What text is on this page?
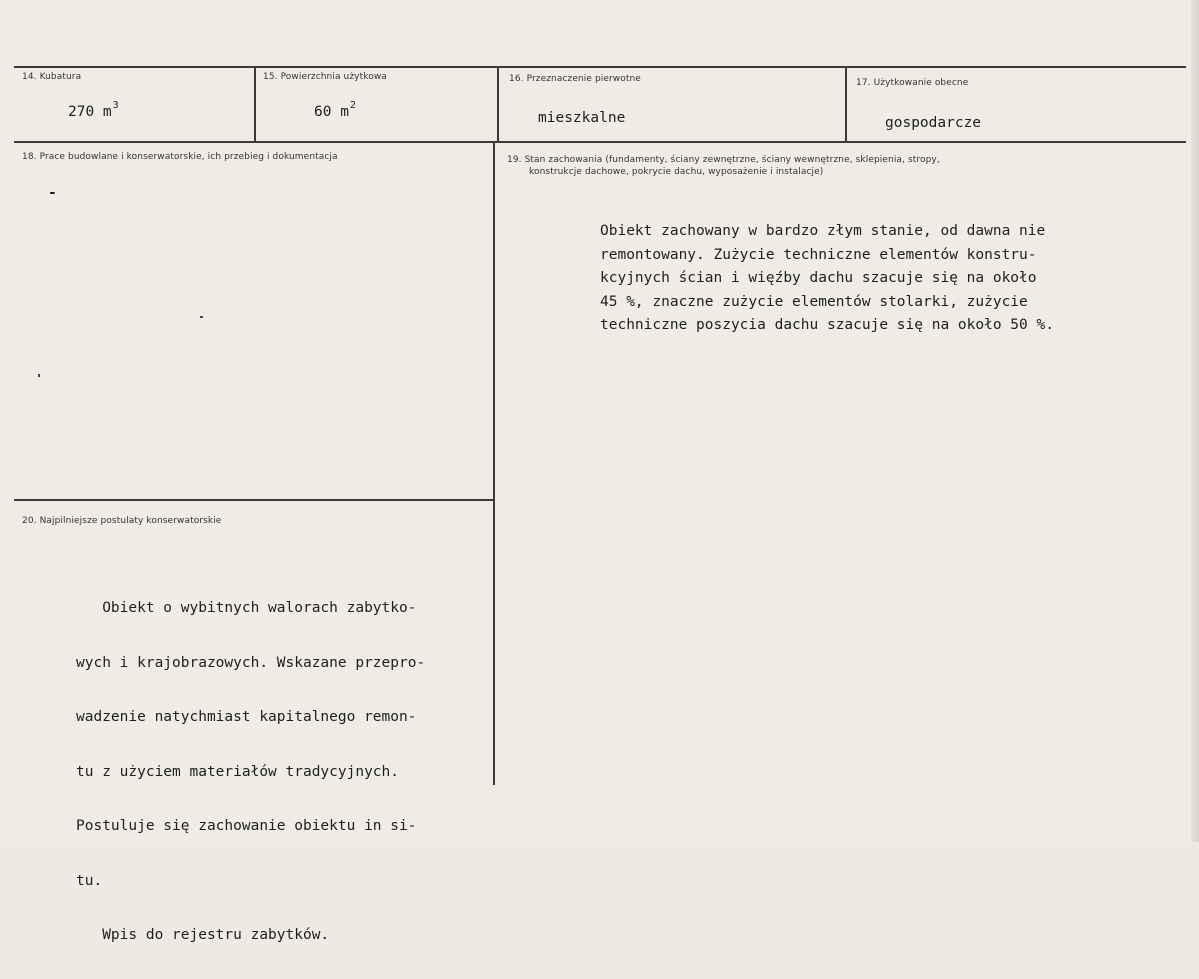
14. Kubatura
270 $m^3$
15. Powierzchnia użytkowa
60 $m^2$
16. Przeznaczenie pierwotne
mieszkalne
17. Użytkowanie obecne
gospodarcze
18. Prace budowlane i konserwatorskie, ich przebieg i dokumentacja
-
19. Stan zachowania (fundamenty, ściany zewnętrzne, ściany wewnętrzne, sklepienia, stropy,
konstrukcje dachowe, pokrycie dachu, wyposażenie i instalacje)

Obiekt zachowany w bardzo złym stanie, od dawna nie

remontowany. Zużycie techniczne elementów konstru-

kcyjnych ścian i więźby dachu szacuje się na około

45 %, znaczne zużycie elementów stolarki, zużycie

techniczne poszycia dachu szacuje się na około 50 %.

20. Najpilniejsze postulaty konserwatorskie

Obiekt o wybitnych walorach zabytko-

wych i krajobrazowych. Wskazane przepro-

wadzenie natychmiast kapitalnego remon-

tu z użyciem materiałów tradycyjnych.

Postuluje się zachowanie obiektu in si-

tu.

Wpis do rejestru zabytków.
